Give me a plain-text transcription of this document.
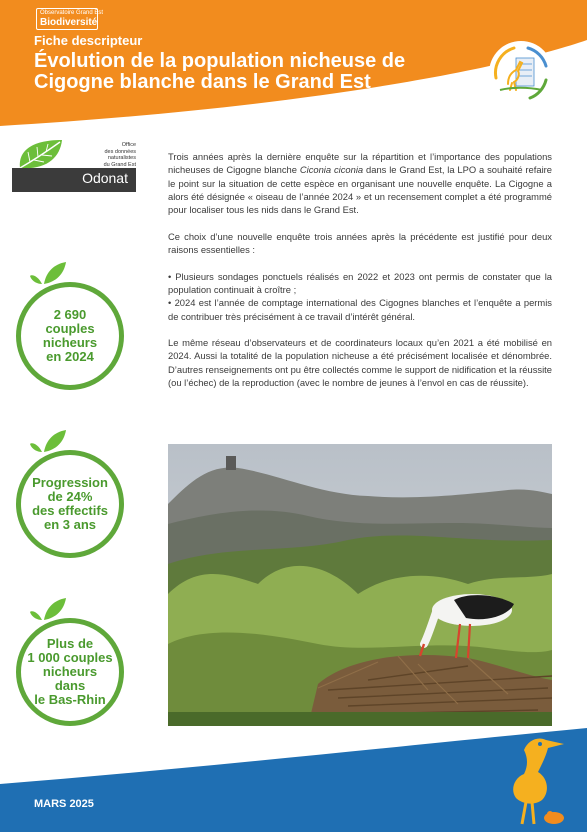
Observatoire Grand Est
Biodiversité
Fiche descripteur
Évolution de la population nicheuse de
Cigogne blanche dans le Grand Est
Office
des données
naturalistes
du Grand Est
Odonat
2 690
couples
nicheurs
en 2024
Progression
de 24%
des effectifs
en 3 ans
Plus de
1 000 couples
nicheurs dans
le Bas-Rhin

Trois années après la dernière enquête sur la répartition et l’importance des populations nicheuses de Cigogne blanche Ciconia ciconia dans le Grand Est, la LPO a souhaité refaire le point sur la situation de cette espèce en organisant une nouvelle enquête. La Cigogne a alors été désignée « oiseau de l’année 2024 » et un recensement complet a été programmé pour localiser tous les nids dans le Grand Est.

Ce choix d’une nouvelle enquête trois années après la précédente est justifié pour deux raisons essentielles :

• Plusieurs sondages ponctuels réalisés en 2022 et 2023 ont permis de constater que la population continuait à croître ;

• 2024 est l’année de comptage international des Cigognes blanches et l’enquête a permis de contribuer très précisément à ce travail d’intérêt général.

Le même réseau d’observateurs et de coordinateurs locaux qu’en 2021 a été mobilisé en 2024. Aussi la totalité de la population nicheuse a été précisément localisée et dénombrée. D’autres renseignements ont pu être collectés comme le support de nidification et la réussite (ou l’échec) de la reproduction (avec le nombre de jeunes à l’envol en cas de réussite).

MARS 2025
